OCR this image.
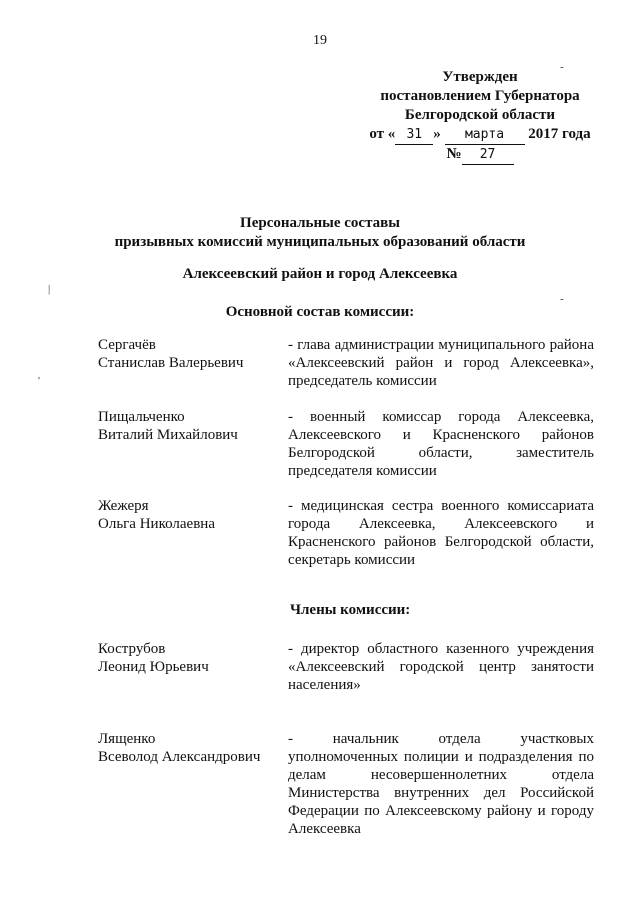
19
Утвержден
постановлением Губернатора
Белгородской области
от « 31 » марта 2017 года
№ 27
Персональные составы
призывных комиссий муниципальных образований области
Алексеевский район и город Алексеевка
Основной состав комиссии:
Сергачёв
Станислав Валерьевич
- глава администрации муниципального района «Алексеевский район и город Алексеевка», председатель комиссии
Пищальченко
Виталий Михайлович
- военный комиссар города Алексеевка, Алексеевского и Красненского районов Белгородской области, заместитель председателя комиссии
Жежеря
Ольга Николаевна
- медицинская сестра военного комиссариата города Алексеевка, Алексеевского и Красненского районов Белгородской области, секретарь комиссии
Члены комиссии:
Кострубов
Леонид Юрьевич
- директор областного казенного учреждения «Алексеевский городской центр занятости населения»
Лященко
Всеволод Александрович
- начальник отдела участковых уполномоченных полиции и подразделения по делам несовершеннолетних отдела Министерства внутренних дел Российской Федерации по Алексеевскому району и городу Алексеевка
|
'
-
-
